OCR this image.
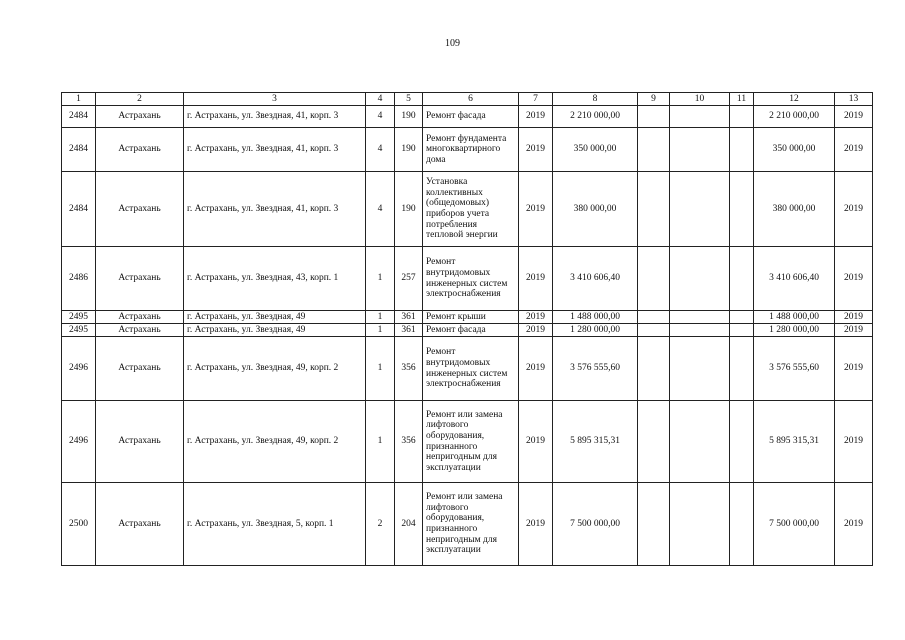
109
1	2	3	4	5	6	7	8	9	10	11	12	13
2484	Астрахань	г. Астрахань, ул. Звездная, 41, корп. 3	4	190	Ремонт фасада	2019	2 210 000,00				2 210 000,00	2019
2484	Астрахань	г. Астрахань, ул. Звездная, 41, корп. 3	4	190	Ремонт фундамента многоквартирного дома	2019	350 000,00				350 000,00	2019
2484	Астрахань	г. Астрахань, ул. Звездная, 41, корп. 3	4	190	Установка коллективных (общедомовых) приборов учета потребления тепловой энергии	2019	380 000,00				380 000,00	2019
2486	Астрахань	г. Астрахань, ул. Звездная, 43, корп. 1	1	257	Ремонт внутридомовых инженерных систем электроснабжения	2019	3 410 606,40				3 410 606,40	2019
2495	Астрахань	г. Астрахань, ул. Звездная, 49	1	361	Ремонт крыши	2019	1 488 000,00				1 488 000,00	2019
2495	Астрахань	г. Астрахань, ул. Звездная, 49	1	361	Ремонт фасада	2019	1 280 000,00				1 280 000,00	2019
2496	Астрахань	г. Астрахань, ул. Звездная, 49, корп. 2	1	356	Ремонт внутридомовых инженерных систем электроснабжения	2019	3 576 555,60				3 576 555,60	2019
2496	Астрахань	г. Астрахань, ул. Звездная, 49, корп. 2	1	356	Ремонт или замена лифтового оборудования, признанного непригодным для эксплуатации	2019	5 895 315,31				5 895 315,31	2019
2500	Астрахань	г. Астрахань, ул. Звездная, 5, корп. 1	2	204	Ремонт или замена лифтового оборудования, признанного непригодным для эксплуатации	2019	7 500 000,00				7 500 000,00	2019
